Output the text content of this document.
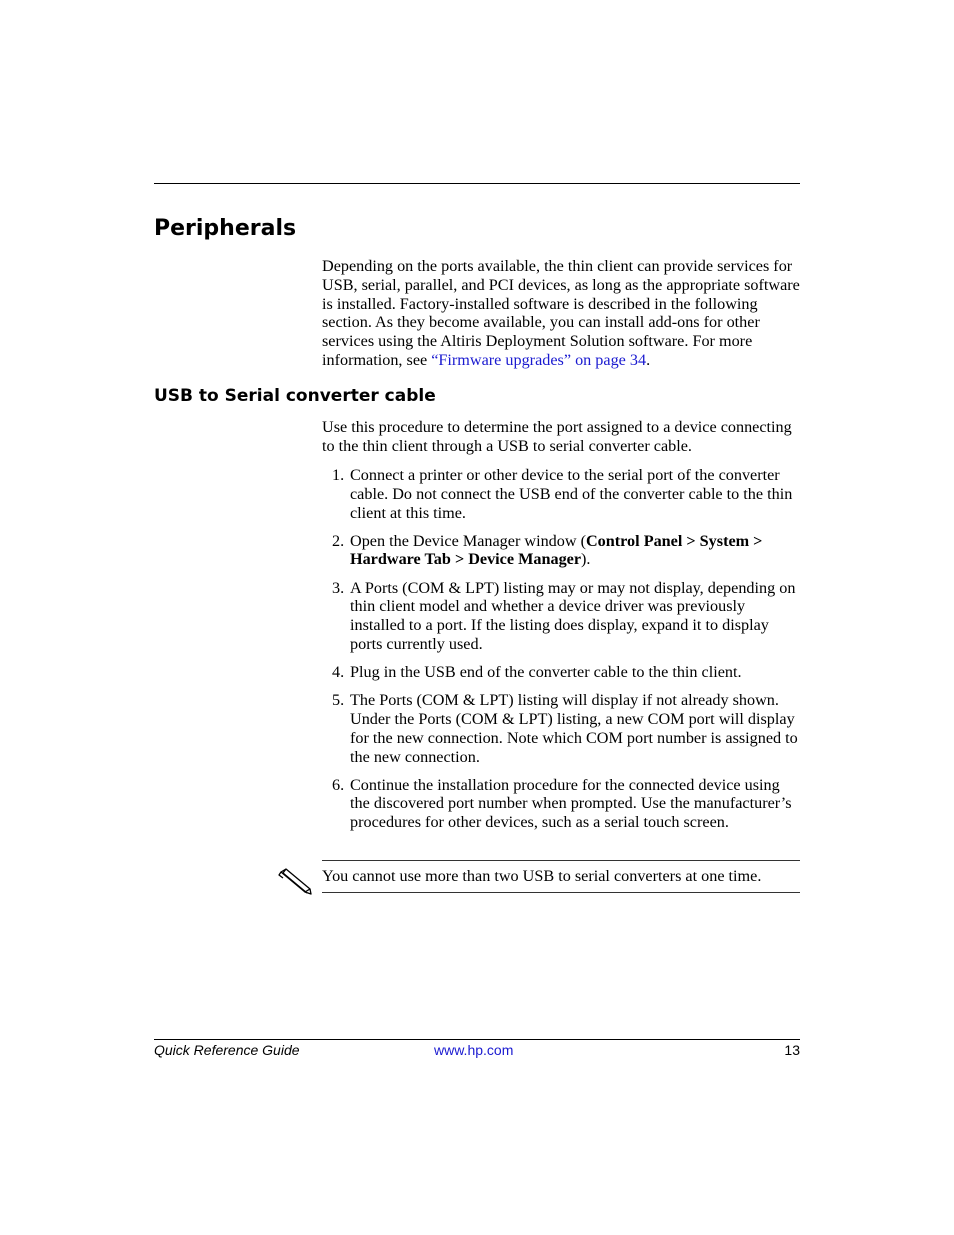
Peripherals

Depending on the ports available, the thin client can provide services for USB, serial, parallel, and PCI devices, as long as the appropriate software is installed. Factory-installed software is described in the following section. As they become available, you can install add-ons for other services using the Altiris Deployment Solution software. For more information, see “Firmware upgrades” on page 34.

USB to Serial converter cable

Use this procedure to determine the port assigned to a device connecting to the thin client through a USB to serial converter cable.

1. Connect a printer or other device to the serial port of the converter cable. Do not connect the USB end of the converter cable to the thin client at this time.
2. Open the Device Manager window (Control Panel > System > Hardware Tab > Device Manager).
3. A Ports (COM & LPT) listing may or may not display, depending on thin client model and whether a device driver was previously installed to a port. If the listing does display, expand it to display ports currently used.
4. Plug in the USB end of the converter cable to the thin client.
5. The Ports (COM & LPT) listing will display if not already shown. Under the Ports (COM & LPT) listing, a new COM port will display for the new connection. Note which COM port number is assigned to the new connection.
6. Continue the installation procedure for the connected device using the discovered port number when prompted. Use the manufacturer’s procedures for other devices, such as a serial touch screen.

You cannot use more than two USB to serial converters at one time.

Quick Reference Guide	www.hp.com	13
